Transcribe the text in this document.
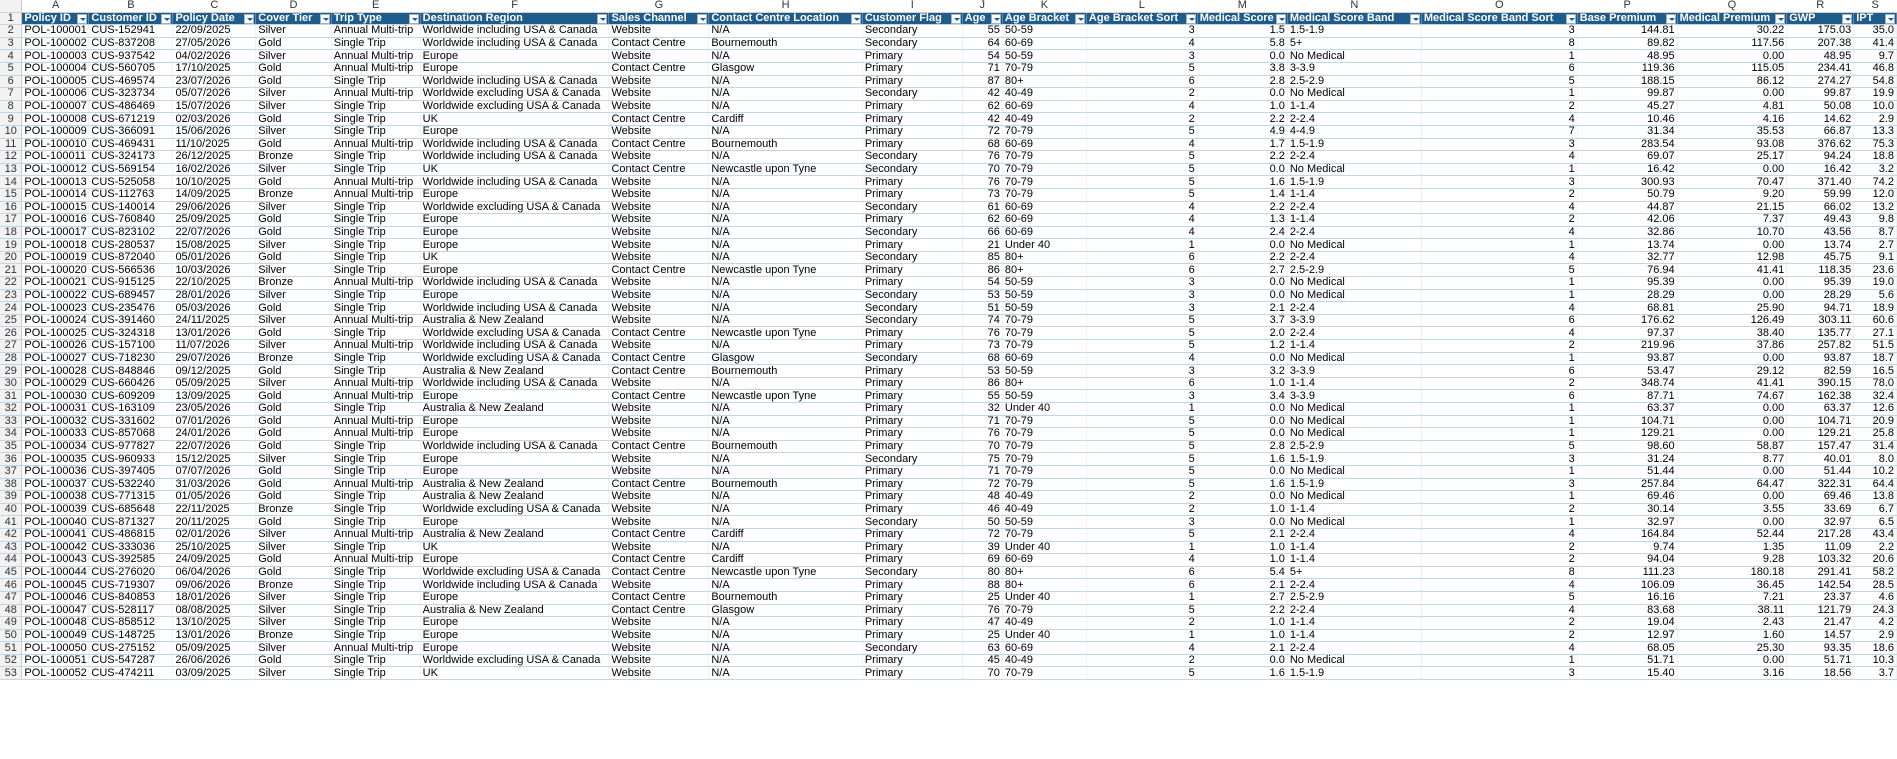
	A	B	C	D	E	F	G	H	I	J	K	L	M	N	O	P	Q	R	S
1	Policy ID	Customer ID	Policy Date	Cover Tier	Trip Type	Destination Region	Sales Channel	Contact Centre Location	Customer Flag	Age	Age Bracket	Age Bracket Sort	Medical Score	Medical Score Band	Medical Score Band Sort	Base Premium	Medical Premium	GWP	IPT

2	POL-100001	CUS-152941	22/09/2025	Silver	Annual Multi-trip	Worldwide including USA & Canada	Website	N/A	Secondary	55	50-59	3	1.5	1.5-1.9	3	144.81	30.22	175.03	35.0
3	POL-100002	CUS-837208	27/05/2026	Gold	Single Trip	Worldwide including USA & Canada	Contact Centre	Bournemouth	Secondary	64	60-69	4	5.8	5+	8	89.82	117.56	207.38	41.4
4	POL-100003	CUS-937542	04/02/2026	Silver	Annual Multi-trip	Europe	Website	N/A	Primary	54	50-59	3	0.0	No Medical	1	48.95	0.00	48.95	9.7
5	POL-100004	CUS-560705	17/10/2025	Gold	Annual Multi-trip	Europe	Contact Centre	Glasgow	Primary	71	70-79	5	3.8	3-3.9	6	119.36	115.05	234.41	46.8
6	POL-100005	CUS-469574	23/07/2026	Gold	Single Trip	Worldwide including USA & Canada	Website	N/A	Primary	87	80+	6	2.8	2.5-2.9	5	188.15	86.12	274.27	54.8
7	POL-100006	CUS-323734	05/07/2026	Silver	Annual Multi-trip	Worldwide excluding USA & Canada	Website	N/A	Secondary	42	40-49	2	0.0	No Medical	1	99.87	0.00	99.87	19.9
8	POL-100007	CUS-486469	15/07/2026	Silver	Single Trip	Worldwide excluding USA & Canada	Website	N/A	Primary	62	60-69	4	1.0	1-1.4	2	45.27	4.81	50.08	10.0
9	POL-100008	CUS-671219	02/03/2026	Gold	Single Trip	UK	Contact Centre	Cardiff	Primary	42	40-49	2	2.2	2-2.4	4	10.46	4.16	14.62	2.9
10	POL-100009	CUS-366091	15/06/2026	Silver	Single Trip	Europe	Website	N/A	Primary	72	70-79	5	4.9	4-4.9	7	31.34	35.53	66.87	13.3
11	POL-100010	CUS-469431	11/10/2025	Gold	Annual Multi-trip	Worldwide including USA & Canada	Contact Centre	Bournemouth	Primary	68	60-69	4	1.7	1.5-1.9	3	283.54	93.08	376.62	75.3
12	POL-100011	CUS-324173	26/12/2025	Bronze	Single Trip	Worldwide including USA & Canada	Website	N/A	Secondary	76	70-79	5	2.2	2-2.4	4	69.07	25.17	94.24	18.8
13	POL-100012	CUS-569154	16/02/2026	Silver	Single Trip	UK	Contact Centre	Newcastle upon Tyne	Secondary	70	70-79	5	0.0	No Medical	1	16.42	0.00	16.42	3.2
14	POL-100013	CUS-525058	10/10/2025	Gold	Annual Multi-trip	Worldwide including USA & Canada	Website	N/A	Primary	76	70-79	5	1.6	1.5-1.9	3	300.93	70.47	371.40	74.2
15	POL-100014	CUS-112763	14/09/2025	Bronze	Annual Multi-trip	Europe	Website	N/A	Primary	73	70-79	5	1.4	1-1.4	2	50.79	9.20	59.99	12.0
16	POL-100015	CUS-140014	29/06/2026	Silver	Single Trip	Worldwide excluding USA & Canada	Website	N/A	Secondary	61	60-69	4	2.2	2-2.4	4	44.87	21.15	66.02	13.2
17	POL-100016	CUS-760840	25/09/2025	Gold	Single Trip	Europe	Website	N/A	Primary	62	60-69	4	1.3	1-1.4	2	42.06	7.37	49.43	9.8
18	POL-100017	CUS-823102	22/07/2026	Gold	Single Trip	Europe	Website	N/A	Secondary	66	60-69	4	2.4	2-2.4	4	32.86	10.70	43.56	8.7
19	POL-100018	CUS-280537	15/08/2025	Silver	Single Trip	Europe	Website	N/A	Primary	21	Under 40	1	0.0	No Medical	1	13.74	0.00	13.74	2.7
20	POL-100019	CUS-872040	05/01/2026	Gold	Single Trip	UK	Website	N/A	Secondary	85	80+	6	2.2	2-2.4	4	32.77	12.98	45.75	9.1
21	POL-100020	CUS-566536	10/03/2026	Silver	Single Trip	Europe	Contact Centre	Newcastle upon Tyne	Primary	86	80+	6	2.7	2.5-2.9	5	76.94	41.41	118.35	23.6
22	POL-100021	CUS-915125	22/10/2025	Bronze	Annual Multi-trip	Worldwide including USA & Canada	Website	N/A	Primary	54	50-59	3	0.0	No Medical	1	95.39	0.00	95.39	19.0
23	POL-100022	CUS-689457	28/01/2026	Silver	Single Trip	Europe	Website	N/A	Secondary	53	50-59	3	0.0	No Medical	1	28.29	0.00	28.29	5.6
24	POL-100023	CUS-235476	05/03/2026	Gold	Single Trip	Worldwide including USA & Canada	Website	N/A	Secondary	51	50-59	3	2.1	2-2.4	4	68.81	25.90	94.71	18.9
25	POL-100024	CUS-391460	24/11/2025	Silver	Annual Multi-trip	Australia & New Zealand	Website	N/A	Secondary	74	70-79	5	3.7	3-3.9	6	176.62	126.49	303.11	60.6
26	POL-100025	CUS-324318	13/01/2026	Gold	Single Trip	Worldwide excluding USA & Canada	Contact Centre	Newcastle upon Tyne	Primary	76	70-79	5	2.0	2-2.4	4	97.37	38.40	135.77	27.1
27	POL-100026	CUS-157100	11/07/2026	Silver	Annual Multi-trip	Worldwide including USA & Canada	Website	N/A	Primary	73	70-79	5	1.2	1-1.4	2	219.96	37.86	257.82	51.5
28	POL-100027	CUS-718230	29/07/2026	Bronze	Single Trip	Worldwide excluding USA & Canada	Contact Centre	Glasgow	Secondary	68	60-69	4	0.0	No Medical	1	93.87	0.00	93.87	18.7
29	POL-100028	CUS-848846	09/12/2025	Gold	Single Trip	Australia & New Zealand	Contact Centre	Bournemouth	Primary	53	50-59	3	3.2	3-3.9	6	53.47	29.12	82.59	16.5
30	POL-100029	CUS-660426	05/09/2025	Silver	Annual Multi-trip	Worldwide including USA & Canada	Website	N/A	Primary	86	80+	6	1.0	1-1.4	2	348.74	41.41	390.15	78.0
31	POL-100030	CUS-609209	13/09/2025	Gold	Annual Multi-trip	Europe	Contact Centre	Newcastle upon Tyne	Primary	55	50-59	3	3.4	3-3.9	6	87.71	74.67	162.38	32.4
32	POL-100031	CUS-163109	23/05/2026	Gold	Single Trip	Australia & New Zealand	Website	N/A	Primary	32	Under 40	1	0.0	No Medical	1	63.37	0.00	63.37	12.6
33	POL-100032	CUS-331602	07/01/2026	Gold	Annual Multi-trip	Europe	Website	N/A	Primary	71	70-79	5	0.0	No Medical	1	104.71	0.00	104.71	20.9
34	POL-100033	CUS-857068	24/01/2026	Gold	Annual Multi-trip	Europe	Website	N/A	Primary	76	70-79	5	0.0	No Medical	1	129.21	0.00	129.21	25.8
35	POL-100034	CUS-977827	22/07/2026	Gold	Single Trip	Worldwide including USA & Canada	Contact Centre	Bournemouth	Primary	70	70-79	5	2.8	2.5-2.9	5	98.60	58.87	157.47	31.4
36	POL-100035	CUS-960933	15/12/2025	Silver	Single Trip	Europe	Website	N/A	Secondary	75	70-79	5	1.6	1.5-1.9	3	31.24	8.77	40.01	8.0
37	POL-100036	CUS-397405	07/07/2026	Gold	Single Trip	Europe	Website	N/A	Primary	71	70-79	5	0.0	No Medical	1	51.44	0.00	51.44	10.2
38	POL-100037	CUS-532240	31/03/2026	Gold	Annual Multi-trip	Australia & New Zealand	Contact Centre	Bournemouth	Primary	72	70-79	5	1.6	1.5-1.9	3	257.84	64.47	322.31	64.4
39	POL-100038	CUS-771315	01/05/2026	Gold	Single Trip	Australia & New Zealand	Website	N/A	Primary	48	40-49	2	0.0	No Medical	1	69.46	0.00	69.46	13.8
40	POL-100039	CUS-685648	22/11/2025	Bronze	Single Trip	Worldwide excluding USA & Canada	Website	N/A	Primary	46	40-49	2	1.0	1-1.4	2	30.14	3.55	33.69	6.7
41	POL-100040	CUS-871327	20/11/2025	Gold	Single Trip	Europe	Website	N/A	Secondary	50	50-59	3	0.0	No Medical	1	32.97	0.00	32.97	6.5
42	POL-100041	CUS-486815	02/01/2026	Silver	Annual Multi-trip	Australia & New Zealand	Contact Centre	Cardiff	Primary	72	70-79	5	2.1	2-2.4	4	164.84	52.44	217.28	43.4
43	POL-100042	CUS-333036	25/10/2025	Silver	Single Trip	UK	Website	N/A	Primary	39	Under 40	1	1.0	1-1.4	2	9.74	1.35	11.09	2.2
44	POL-100043	CUS-392585	24/09/2025	Gold	Annual Multi-trip	Europe	Contact Centre	Cardiff	Primary	69	60-69	4	1.0	1-1.4	2	94.04	9.28	103.32	20.6
45	POL-100044	CUS-276020	06/04/2026	Gold	Single Trip	Worldwide excluding USA & Canada	Contact Centre	Newcastle upon Tyne	Secondary	80	80+	6	5.4	5+	8	111.23	180.18	291.41	58.2
46	POL-100045	CUS-719307	09/06/2026	Bronze	Single Trip	Worldwide including USA & Canada	Website	N/A	Primary	88	80+	6	2.1	2-2.4	4	106.09	36.45	142.54	28.5
47	POL-100046	CUS-840853	18/01/2026	Silver	Single Trip	Europe	Contact Centre	Bournemouth	Primary	25	Under 40	1	2.7	2.5-2.9	5	16.16	7.21	23.37	4.6
48	POL-100047	CUS-528117	08/08/2025	Silver	Single Trip	Australia & New Zealand	Contact Centre	Glasgow	Primary	76	70-79	5	2.2	2-2.4	4	83.68	38.11	121.79	24.3
49	POL-100048	CUS-858512	13/10/2025	Silver	Single Trip	Europe	Website	N/A	Primary	47	40-49	2	1.0	1-1.4	2	19.04	2.43	21.47	4.2
50	POL-100049	CUS-148725	13/01/2026	Bronze	Single Trip	Europe	Website	N/A	Primary	25	Under 40	1	1.0	1-1.4	2	12.97	1.60	14.57	2.9
51	POL-100050	CUS-275152	05/09/2025	Silver	Annual Multi-trip	Europe	Website	N/A	Secondary	63	60-69	4	2.1	2-2.4	4	68.05	25.30	93.35	18.6
52	POL-100051	CUS-547287	26/06/2026	Gold	Single Trip	Worldwide excluding USA & Canada	Website	N/A	Primary	45	40-49	2	0.0	No Medical	1	51.71	0.00	51.71	10.3
53	POL-100052	CUS-474211	03/09/2025	Silver	Single Trip	UK	Website	N/A	Primary	70	70-79	5	1.6	1.5-1.9	3	15.40	3.16	18.56	3.7
